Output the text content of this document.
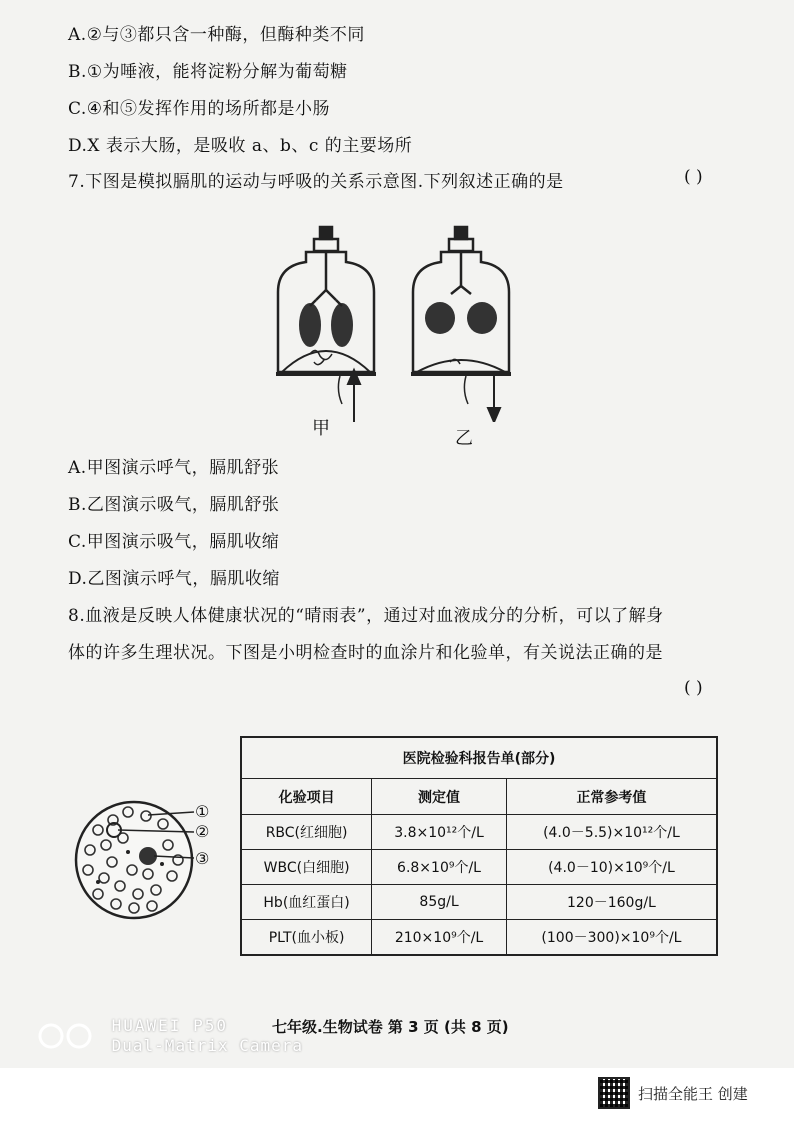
A.②与③都只含一种酶，但酶种类不同
B.①为唾液，能将淀粉分解为葡萄糖
C.④和⑤发挥作用的场所都是小肠
D.X 表示大肠，是吸收 a、b、c 的主要场所
7.下图是模拟膈肌的运动与呼吸的关系示意图.下列叙述正确的是	( )
甲	乙
A.甲图演示呼气，膈肌舒张
B.乙图演示吸气，膈肌舒张
C.甲图演示吸气，膈肌收缩
D.乙图演示呼气，膈肌收缩
8.血液是反映人体健康状况的“晴雨表”，通过对血液成分的分析，可以了解身
体的许多生理状况。下图是小明检查时的血涂片和化验单，有关说法正确的是
( )
①
②
③
医院检验科报告单(部分)		
化验项目	测定值	正常参考值
RBC(红细胞)	3.8×10¹²个/L	(4.0－5.5)×10¹²个/L
WBC(白细胞)	6.8×10⁹个/L	(4.0－10)×10⁹个/L
Hb(血红蛋白)	85g/L	120－160g/L
PLT(血小板)	210×10⁹个/L	(100－300)×10⁹个/L

HUAWEI P50
Dual-Matrix Camera
七年级.生物试卷 第 3 页 (共 8 页)
扫描全能王 创建
